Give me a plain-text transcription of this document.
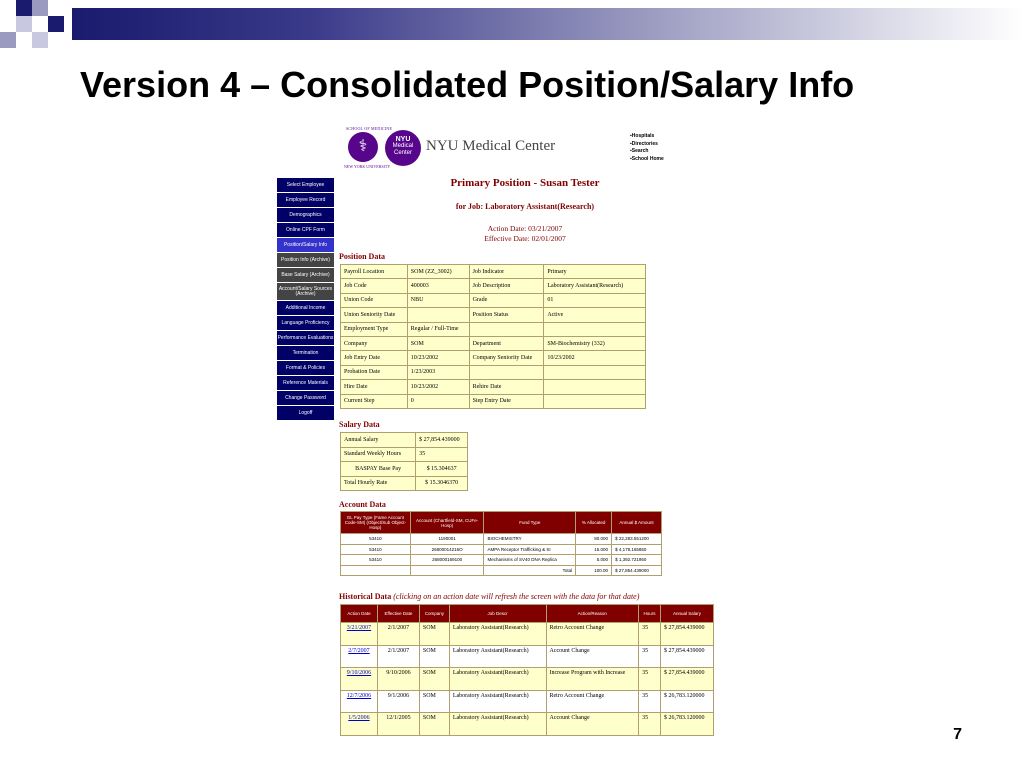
Version 4 – Consolidated Position/Salary Info
7
SCHOOL OF MEDICINE
⚕
NEW YORK UNIVERSITY
NYU
Medical
Center NYU Medical Center
▪ Hospitals
▪ Directories
▪ Search
▪ School Home
Select Employee
Employee Record
Demographics
Online CPF Form
Position/Salary Info
Position Info (Archive)
Base Salary (Archive)
Account/Salary Sources (Archive)
Additional Income
Language Proficiency
Performance Evaluations
Termination
Format & Policies
Reference Materials
Change Password
Logoff
Primary Position - Susan Tester
for Job: Laboratory Assistant(Research)
Action Date: 03/21/2007
Effective Date: 02/01/2007
Position Data
Payroll Location	SOM (ZZ_3002)	Job Indicator	Primary
Job Code	400003	Job Description	Laboratory Assistant(Research)
Union Code	NBU	Grade	01
Union Seniority Date		Position Status	Active
Employment Type	Regular / Full-Time		
Company	SOM	Department	SM-Biochemistry (332)
Job Entry Date	10/23/2002	Company Seniority Date	10/23/2002
Probation Date	1/23/2003		
Hire Date	10/23/2002	Rehire Date	
Current Step	0	Step Entry Date	
Salary Data
Annual Salary	$ 27,854.439000
Standard Weekly Hours	35
BASPAY Base Pay	$ 15.304637
Total Hourly Rate	$ 15.3046370
Account Data
GL Pay Type (Fame Account Code-SM) (Object/Sub Object-Hosp)	Account (Chartfield-SM, CUFe-Hosp)	Fund Type	% Allocated	Annual $ Amount
53410	1190001	BIOCHEMISTRY	80.000	$ 22,283.551200
53410	26800014216O	AMPA Receptor Trafficking & SI	15.000	$ 4,178.165850
53410	268000169100	Mechanisms of SV40 DNA Replica	5.000	$ 1,392.721950
		Total	100.00	$ 27,854.439000
Historical Data (clicking on an action date will refresh the screen with the data for that date)
Action Date	Effective Date	Company	Job Descr	Action/Reason	Hours	Annual Salary
3/21/2007	2/1/2007	SOM	Laboratory Assistant(Research)	Retro Account Change	35	$ 27,854.439000
2/7/2007	2/1/2007	SOM	Laboratory Assistant(Research)	Account Change	35	$ 27,854.439000
9/10/2006	9/10/2006	SOM	Laboratory Assistant(Research)	Increase Program with Increase	35	$ 27,854.439000
12/7/2006	9/1/2006	SOM	Laboratory Assistant(Research)	Retro Account Change	35	$ 26,783.120000
1/5/2006	12/1/2005	SOM	Laboratory Assistant(Research)	Account Change	35	$ 26,783.120000
